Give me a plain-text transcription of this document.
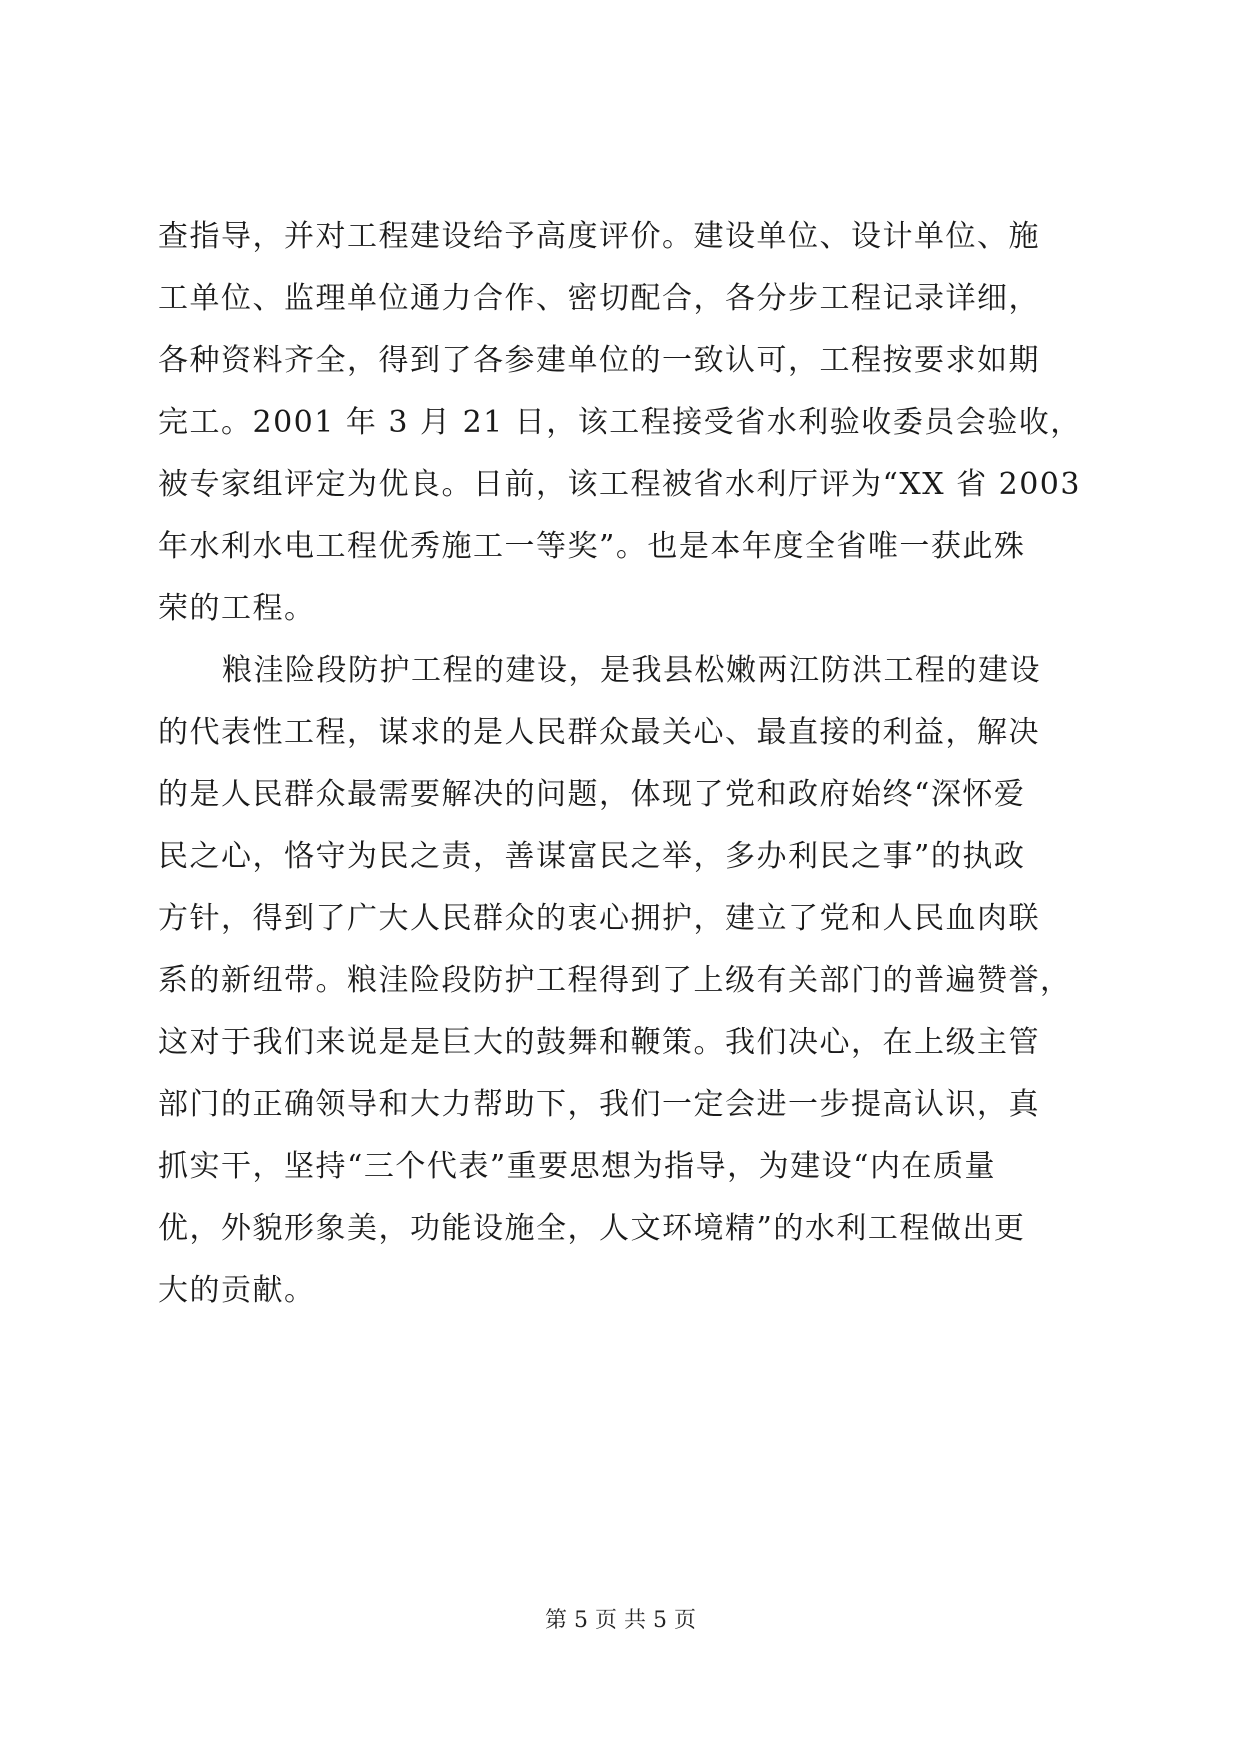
查指导，并对工程建设给予高度评价。建设单位、设计单位、施
工单位、监理单位通力合作、密切配合，各分步工程记录详细，
各种资料齐全，得到了各参建单位的一致认可，工程按要求如期
完工。2001 年 3 月 21 日，该工程接受省水利验收委员会验收，
被专家组评定为优良。日前，该工程被省水利厅评为“XX 省 2003
年水利水电工程优秀施工一等奖”。也是本年度全省唯一获此殊
荣的工程。
粮洼险段防护工程的建设，是我县松嫩两江防洪工程的建设
的代表性工程，谋求的是人民群众最关心、最直接的利益，解决
的是人民群众最需要解决的问题，体现了党和政府始终“深怀爱
民之心，恪守为民之责，善谋富民之举，多办利民之事”的执政
方针，得到了广大人民群众的衷心拥护，建立了党和人民血肉联
系的新纽带。粮洼险段防护工程得到了上级有关部门的普遍赞誉，
这对于我们来说是是巨大的鼓舞和鞭策。我们决心，在上级主管
部门的正确领导和大力帮助下，我们一定会进一步提高认识，真
抓实干，坚持“三个代表”重要思想为指导，为建设“内在质量
优，外貌形象美，功能设施全，人文环境精”的水利工程做出更
大的贡献。
第 5 页 共 5 页
